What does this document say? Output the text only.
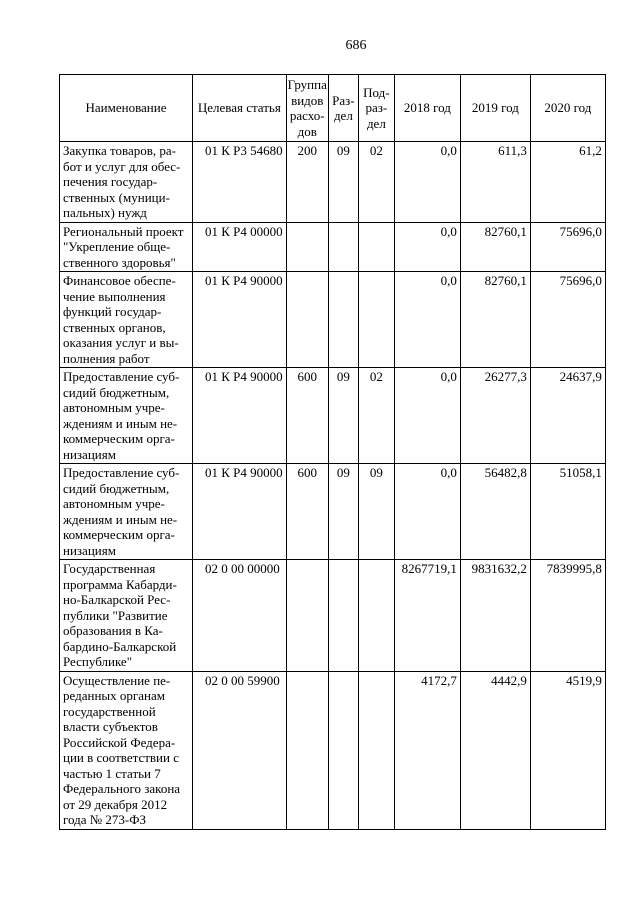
686
Наименование	Целевая статья	Группа видов расхо-дов	Раз-дел	Под-раз-дел	2018 год	2019 год	2020 год
Закупка товаров, ра-бот и услуг для обес-печения государ-ственных (муници-пальных) нужд	01 К Р3 54680	200	09	02	0,0	611,3	61,2
Региональный проект "Укрепление обще-ственного здоровья"	01 К Р4 00000				0,0	82760,1	75696,0
Финансовое обеспе-чение выполнения функций государ-ственных органов, оказания услуг и вы-полнения работ	01 К Р4 90000				0,0	82760,1	75696,0
Предоставление суб-сидий бюджетным, автономным учре-ждениям и иным не-коммерческим орга-низациям	01 К Р4 90000	600	09	02	0,0	26277,3	24637,9
Предоставление суб-сидий бюджетным, автономным учре-ждениям и иным не-коммерческим орга-низациям	01 К Р4 90000	600	09	09	0,0	56482,8	51058,1
Государственная программа Кабарди-но-Балкарской Рес-публики "Развитие образования в Ка-бардино-Балкарской Республике"	02 0 00 00000				8267719,1	9831632,2	7839995,8
Осуществление пе-реданных органам государственной власти субъектов Российской Федера-ции в соответствии с частью 1 статьи 7 Федерального закона от 29 декабря 2012 года № 273-ФЗ	02 0 00 59900				4172,7	4442,9	4519,9
